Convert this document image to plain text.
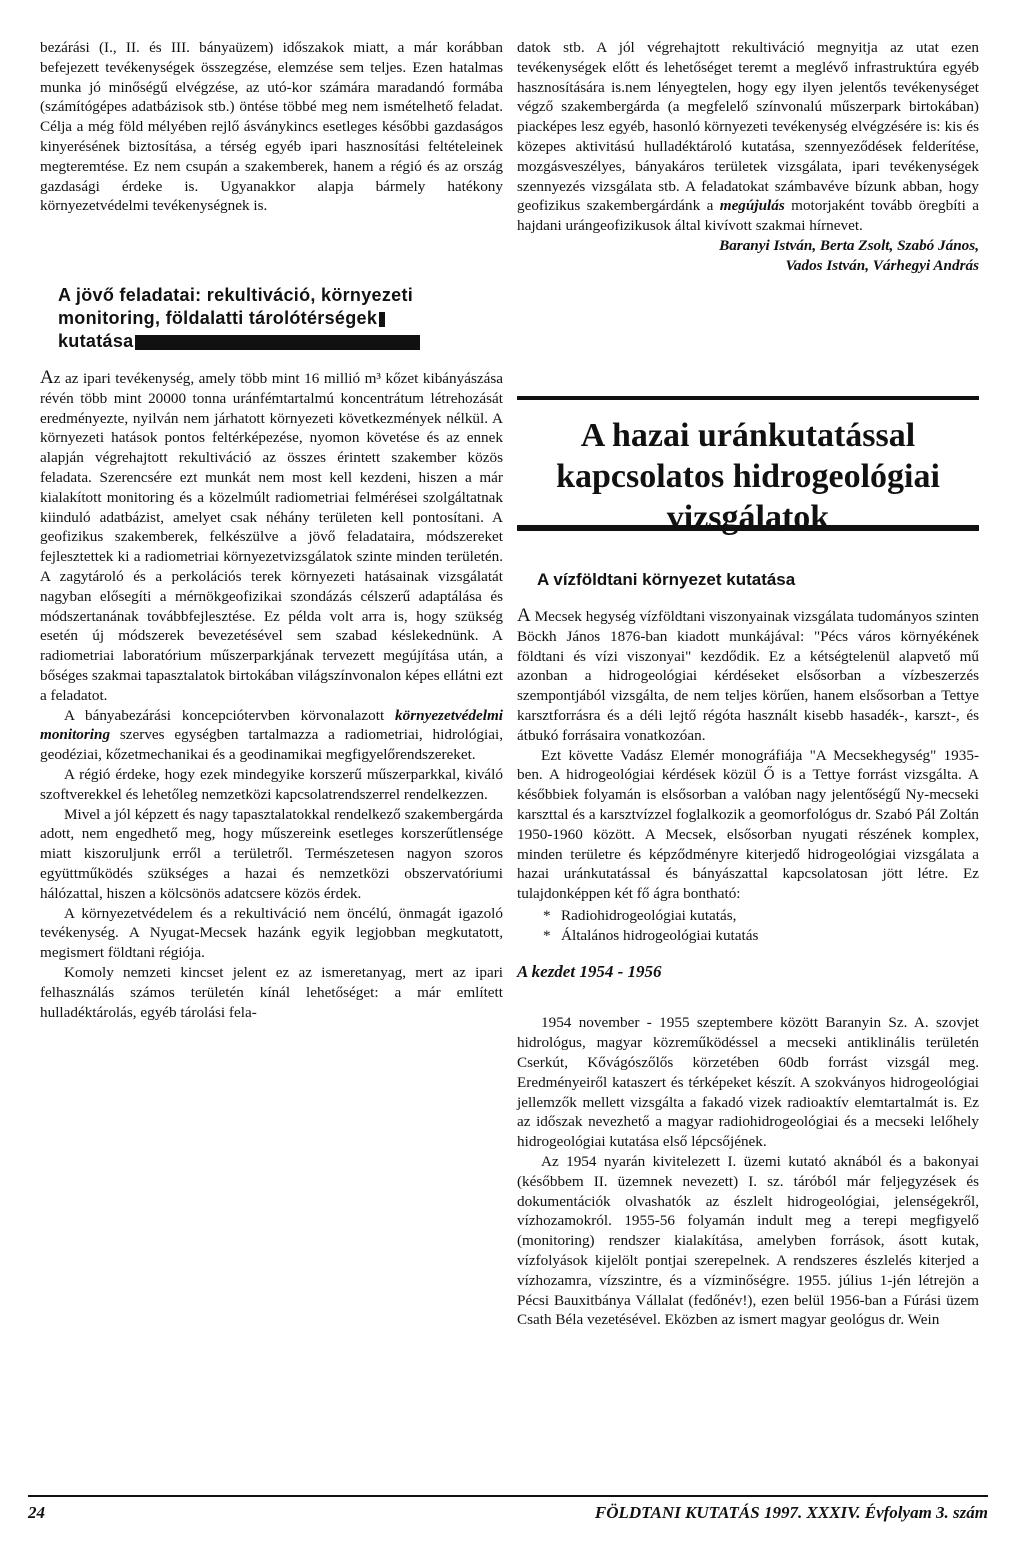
bezárási (I., II. és III. bányaüzem) időszakok miatt, a már korábban befejezett tevékenységek összegzése, elemzése sem teljes. Ezen hatalmas munka jó minőségű elvégzése, az utó-kor számára maradandó formába (számítógépes adatbázisok stb.) öntése többé meg nem ismételhető feladat. Célja a még föld mélyében rejlő ásványkincs esetleges későbbi gazdaságos kinyerésének biztosítása, a térség egyéb ipari hasznosítási feltételeinek megteremtése. Ez nem csupán a szakemberek, hanem a régió és az ország gazdasági érdeke is. Ugyanakkor alapja bármely hatékony környezetvédelmi tevékenységnek is.

A jövő feladatai: rekultiváció, környezeti
monitoring, földalatti tárolótérségek
kutatása

Az az ipari tevékenység, amely több mint 16 millió m³ kőzet kibányászása révén több mint 20000 tonna uránfémtartalmú koncentrátum létrehozását eredményezte, nyilván nem járhatott környezeti következmények nélkül. A környezeti hatások pontos feltérképezése, nyomon követése és az ennek alapján végrehajtott rekultiváció az összes érintett szakember közös feladata. Szerencsére ezt munkát nem most kell kezdeni, hiszen a már kialakított monitoring és a közelmúlt radiometriai felmérései szolgáltatnak kiinduló adatbázist, amelyet csak néhány területen kell pontosítani. A geofizikus szakemberek, felkészülve a jövő feladataira, módszereket fejlesztettek ki a radiometriai környezetvizsgálatok szinte minden területén. A zagytároló és a perkolációs terek környezeti hatásainak vizsgálatát nagyban elősegíti a mérnökgeofizikai szondázás célszerű adaptálása és módszertanának továbbfejlesztése. Ez példa volt arra is, hogy szükség esetén új módszerek bevezetésével sem szabad késlekednünk. A radiometriai laboratórium műszerparkjának tervezett megújítása után, a bőséges szakmai tapasztalatok birtokában világszínvonalon képes ellátni ezt a feladatot.

A bányabezárási koncepciótervben körvonalazott környezetvédelmi monitoring szerves egységben tartalmazza a radiometriai, hidrológiai, geodéziai, kőzetmechanikai és a geodinamikai megfigyelőrendszereket.

A régió érdeke, hogy ezek mindegyike korszerű műszerparkkal, kiváló szoftverekkel és lehetőleg nemzetközi kapcsolatrendszerrel rendelkezzen.

Mivel a jól képzett és nagy tapasztalatokkal rendelkező szakembergárda adott, nem engedhető meg, hogy műszereink esetleges korszerűtlensége miatt kiszoruljunk erről a területről. Természetesen nagyon szoros együttműködés szükséges a hazai és nemzetközi obszervatóriumi hálózattal, hiszen a kölcsönös adatcsere közös érdek.

A környezetvédelem és a rekultiváció nem öncélú, önmagát igazoló tevékenység. A Nyugat-Mecsek hazánk egyik legjobban megkutatott, megismert földtani régiója.

Komoly nemzeti kincset jelent ez az ismeretanyag, mert az ipari felhasználás számos területén kínál lehetőséget: a már említett hulladéktárolás, egyéb tárolási fela-

datok stb. A jól végrehajtott rekultiváció megnyitja az utat ezen tevékenységek előtt és lehetőséget teremt a meglévő infrastruktúra egyéb hasznosítására is.nem lényegtelen, hogy egy ilyen jelentős tevékenységet végző szakembergárda (a megfelelő színvonalú műszerpark birtokában) piacképes lesz egyéb, hasonló környezeti tevékenység elvégzésére is: kis és közepes aktivitású hulladéktároló kutatása, szennyeződések felderítése, mozgásveszélyes, bányakáros területek vizsgálata, ipari tevékenységek szennyezés vizsgálata stb. A feladatokat számbavéve bízunk abban, hogy geofizikus szakembergárdánk a megújulás motorjaként tovább öregbíti a hajdani urángeofizikusok által kivívott szakmai hírnevet.

Baranyi István, Berta Zsolt, Szabó János,
Vados István, Várhegyi András
A hazai uránkutatással
kapcsolatos hidrogeológiai
vizsgálatok
A vízföldtani környezet kutatása

A Mecsek hegység vízföldtani viszonyainak vizsgálata tudományos szinten Böckh János 1876-ban kiadott munkájával: "Pécs város környékének földtani és vízi viszonyai" kezdődik. Ez a kétségtelenül alapvető mű azonban a hidrogeológiai kérdéseket elsősorban a vízbeszerzés szempontjából vizsgálta, de nem teljes körűen, hanem elsősorban a Tettye karsztforrásra és a déli lejtő régóta használt kisebb hasadék-, karszt-, és átbukó forrásaira vonatkozóan.

Ezt követte Vadász Elemér monográfiája "A Mecsekhegység" 1935-ben. A hidrogeológiai kérdések közül Ő is a Tettye forrást vizsgálta. A későbbiek folyamán is elsősorban a valóban nagy jelentőségű Ny-mecseki karszttal és a karsztvízzel foglalkozik a geomorfológus dr. Szabó Pál Zoltán 1950-1960 között. A Mecsek, elsősorban nyugati részének komplex, minden területre és képződményre kiterjedő hidrogeológiai vizsgálata a hazai uránkutatással és bányászattal kapcsolatosan jött létre. Ez tulajdonképpen két fő ágra bontható:

* Radiohidrogeológiai kutatás,
* Általános hidrogeológiai kutatás
A kezdet 1954 - 1956

1954 november - 1955 szeptembere között Baranyin Sz. A. szovjet hidrológus, magyar közreműködéssel a mecseki antiklinális területén Cserkút, Kővágószőlős körzetében 60db forrást vizsgál meg. Eredményeiről kataszert és térképeket készít. A szokványos hidrogeológiai jellemzők mellett vizsgálta a fakadó vizek radioaktív elemtartalmát is. Ez az időszak nevezhető a magyar radiohidrogeológiai és a mecseki lelőhely hidrogeológiai kutatása első lépcsőjének.

Az 1954 nyarán kivitelezett I. üzemi kutató aknából és a bakonyai (későbbem II. üzemnek nevezett) I. sz. táróból már feljegyzések és dokumentációk olvashatók az észlelt hidrogeológiai, jelenségekről, vízhozamokról. 1955-56 folyamán indult meg a terepi megfigyelő (monitoring) rendszer kialakítása, amelyben források, ásott kutak, vízfolyások kijelölt pontjai szerepelnek. A rendszeres észlelés kiterjed a vízhozamra, vízszintre, és a vízminőségre. 1955. július 1-jén létrejön a Pécsi Bauxitbánya Vállalat (fedőnév!), ezen belül 1956-ban a Fúrási üzem Csath Béla vezetésével. Eközben az ismert magyar geológus dr. Wein

24	FÖLDTANI KUTATÁS 1997. XXXIV. Évfolyam 3. szám
